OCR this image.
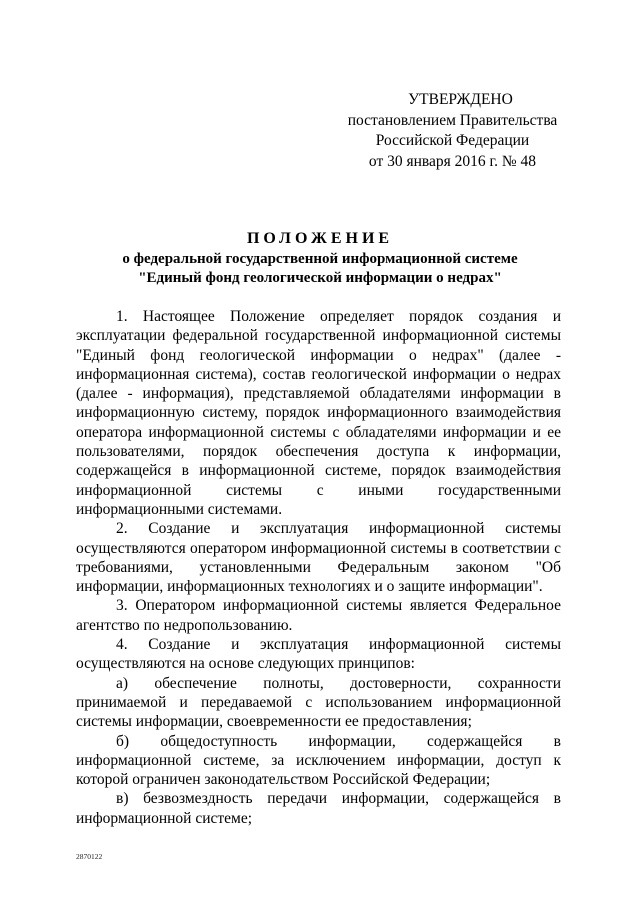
УТВЕРЖДЕНО
постановлением Правительства
Российской Федерации
от 30 января 2016 г. № 48
ПОЛОЖЕНИЕ
о федеральной государственной информационной системе
"Единый фонд геологической информации о недрах"

1. Настоящее Положение определяет порядок создания и эксплуатации федеральной государственной информационной системы "Единый фонд геологической информации о недрах" (далее - информационная система), состав геологической информации о недрах (далее - информация), представляемой обладателями информации в информационную систему, порядок информационного взаимодействия оператора информационной системы с обладателями информации и ее пользователями, порядок обеспечения доступа к информации, содержащейся в информационной системе, порядок взаимодействия информационной системы с иными государственными информационными системами.

2. Создание и эксплуатация информационной системы осуществляются оператором информационной системы в соответствии с требованиями, установленными Федеральным законом "Об информации, информационных технологиях и о защите информации".

3. Оператором информационной системы является Федеральное агентство по недропользованию.

4. Создание и эксплуатация информационной системы осуществляются на основе следующих принципов:

а) обеспечение полноты, достоверности, сохранности принимаемой и передаваемой с использованием информационной системы информации, своевременности ее предоставления;

б) общедоступность информации, содержащейся в информационной системе, за исключением информации, доступ к которой ограничен законодательством Российской Федерации;

в) безвозмездность передачи информации, содержащейся в информационной системе;

2870122
